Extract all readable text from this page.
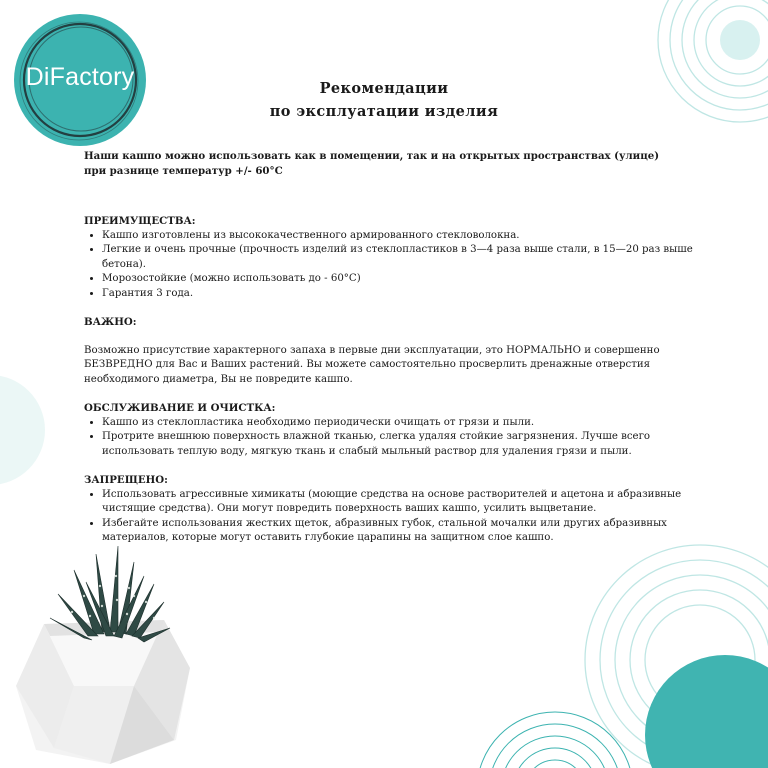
DiFactory	Рекомендации
по эксплуатации изделия

Наши кашпо можно использовать как в помещении, так и на открытых пространствах (улице)
при разнице температур +/- 60°С

ПРЕИМУЩЕСТВА:
• Кашпо изготовлены из высококачественного армированного стекловолокна.
• Легкие и очень прочные (прочность изделий из стеклопластиков в 3—4 раза выше стали, в 15—20 раз выше бетона).
• Морозостойкие (можно использовать до - 60°С)
• Гарантия 3 года.
ВАЖНО:

Возможно присутствие характерного запаха в первые дни эксплуатации, это НОРМАЛЬНО и совершенно БЕЗВРЕДНО для Вас и Ваших растений. Вы можете самостоятельно просверлить дренажные отверстия необходимого диаметра, Вы не повредите кашпо.

ОБСЛУЖИВАНИЕ И ОЧИСТКА:
• Кашпо из стеклопластика необходимо периодически очищать от грязи и пыли.
• Протрите внешнюю поверхность влажной тканью, слегка удаляя стойкие загрязнения. Лучше всего использовать теплую воду, мягкую ткань и слабый мыльный раствор для удаления грязи и пыли.
ЗАПРЕЩЕНО:
• Использовать агрессивные химикаты (моющие средства на основе растворителей и ацетона и абразивные чистящие средства). Они могут повредить поверхность ваших кашпо, усилить выцветание.
• Избегайте использования жестких щеток, абразивных губок, стальной мочалки или других абразивных материалов, которые могут оставить глубокие царапины на защитном слое кашпо.
